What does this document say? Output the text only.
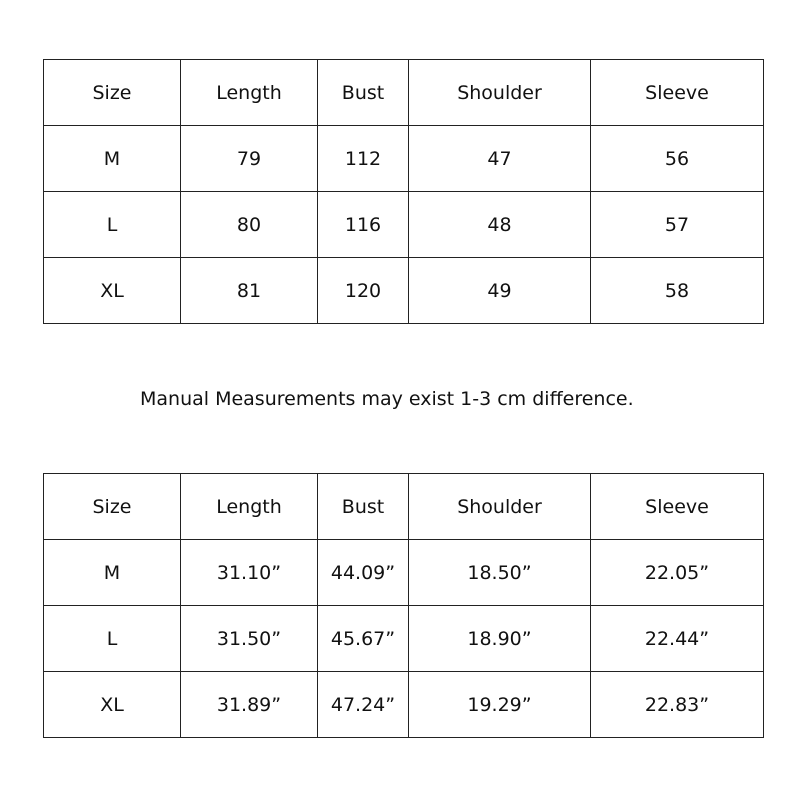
Size	Length	Bust	Shoulder	Sleeve
M	79	112	47	56
L	80	116	48	57
XL	81	120	49	58
Manual Measurements may exist 1-3 cm difference.
Size	Length	Bust	Shoulder	Sleeve
M	31.10”	44.09”	18.50”	22.05”
L	31.50”	45.67”	18.90”	22.44”
XL	31.89”	47.24”	19.29”	22.83”
